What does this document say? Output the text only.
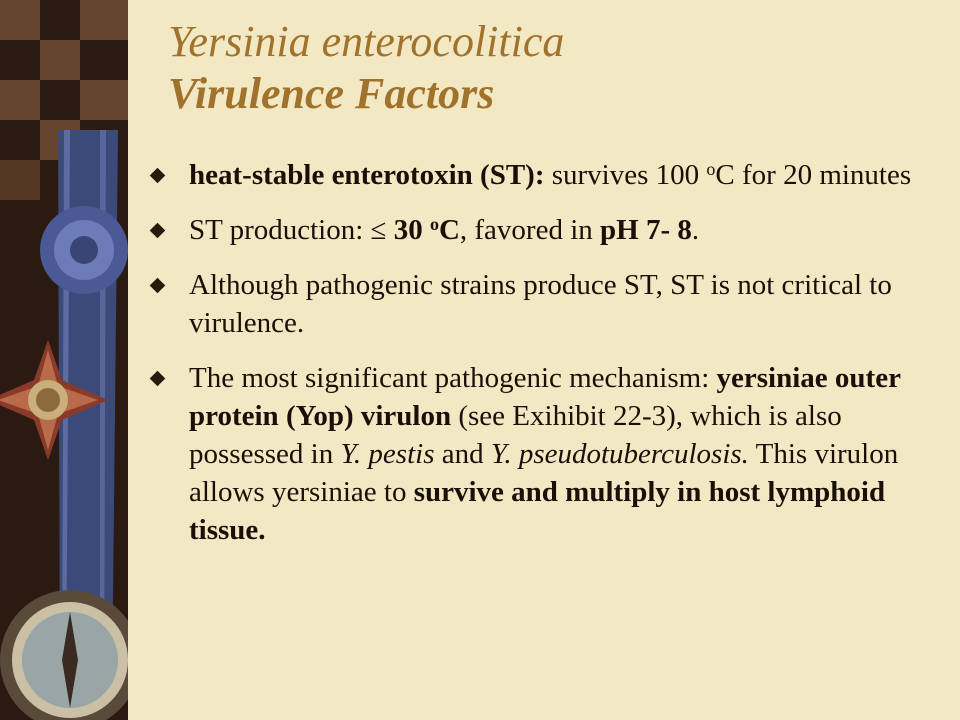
Yersinia enterocolitica
Virulence Factors
heat-stable enterotoxin (ST): survives 100 $^o$C for 20 minutes
ST production: ≤ 30 $^o$C, favored in pH 7- 8.
Although pathogenic strains produce ST, ST is not critical to virulence.
The most significant pathogenic mechanism: yersiniae outer protein (Yop) virulon (see Exihibit 22-3), which is also possessed in Y. pestis and Y. pseudotuberculosis. This virulon allows yersiniae to survive and multiply in host lymphoid tissue.
